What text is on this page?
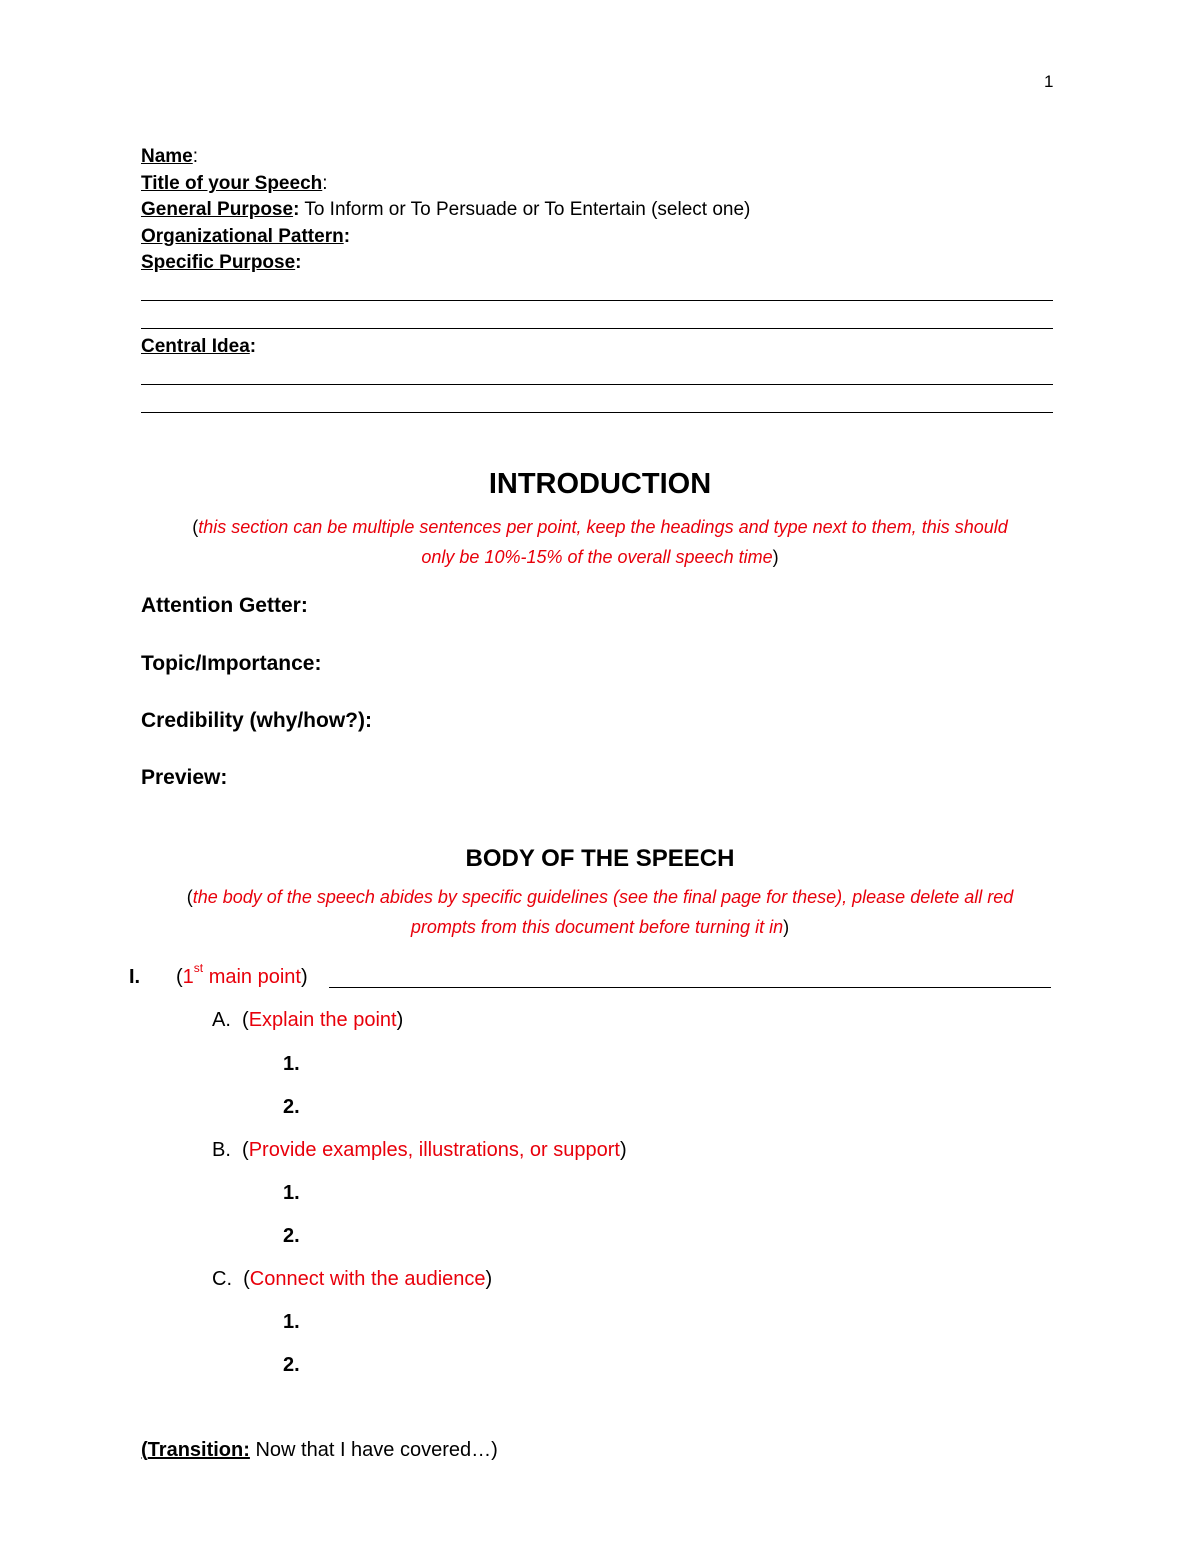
1
Name:
Title of your Speech:
General Purpose: To Inform or To Persuade or To Entertain (select one)
Organizational Pattern:
Specific Purpose:
Central Idea:
INTRODUCTION
(this section can be multiple sentences per point, keep the headings and type next to them, this should
only be 10%-15% of the overall speech time)
Attention Getter:
Topic/Importance:
Credibility (why/how?):
Preview:
BODY OF THE SPEECH
(the body of the speech abides by specific guidelines (see the final page for these), please delete all red
prompts from this document before turning it in)
I. (1st main point)
A. (Explain the point)
1.
2.
B. (Provide examples, illustrations, or support)
1.
2.
C. (Connect with the audience)
1.
2.
(Transition: Now that I have covered…)
